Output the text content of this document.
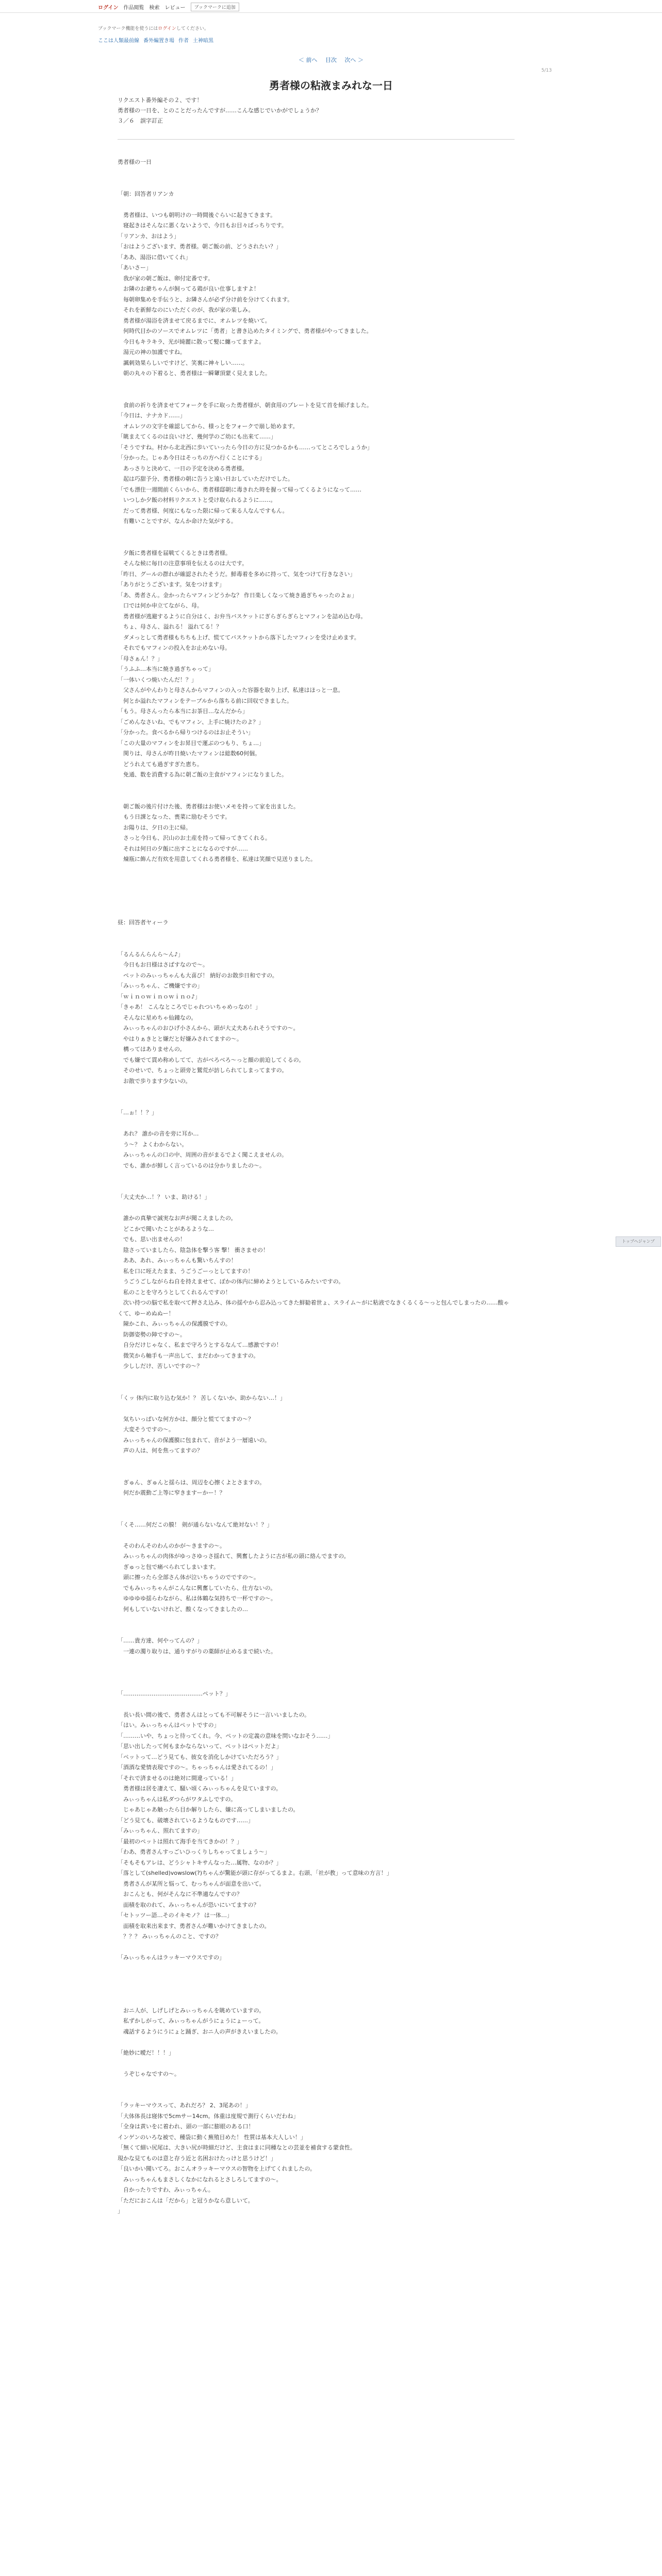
ログイン 作品閲覧 検索 レビュー	ブックマークに追加
ブックマーク機能を使うにはログインしてください。
ここは人類最前線 番外編置き場 作者 土神暗黒
＜ 前へ 目次 次へ ＞
5/13
勇者様の粘液まみれな一日
リクエスト番外編その２、です！
勇者様の一日を、とのことだったんですが……こんな感じでいかがでしょうか？
３／６　誤字訂正

勇者様の一日

「朝：回答者リアンカ

　勇者様は、いつも朝明けの一時間後ぐらいに起きてきます。

　寝起きはそんなに悪くないようで、今日もお目々ぱっちりです。

「リアンカ、おはよう」

「おはようございます、勇者様。朝ご飯の前、どうされたい？」

「ああ、湯浴に借いてくれ」

「あいさー」

　我が家の朝ご飯は、卵付定番です。

　お隣のお爺ちゃんが飼ってる鶏が良い仕事しますよ！

　毎朝卵集めを手伝うと、お隣さんが必ず分け前を分けてくれます。

　それを新鮮なのにいただくのが、我が家の楽しみ。

　勇者様が湯浴を済ませて戻るまでに、オムレツを焼いて。

　何時代目かのソースでオムレツに「勇者」と書き込めたタイミングで、勇者様がやってきました。

　今日もキラキラ、光が綺麗に散って髪に纏ってますよ。

　湯元の神の加護ですね。

　諷刺効果らしいですけど、笑裏に神々しい……。

　朝の丸々の下着ると、勇者様は一瞬顰頂蒙く見えました。

　食前の祈りを済ませてフォークを手に取った勇者様が、朝食用のプレートを見て首を傾げました。

「今日は、ナナカド……」

　オムレツの文字を確認してから、様っとをフォークで崩し始めます。

「眺まえてくるのは良いけど、幾何学のご幼にも出来て……」

「そうですね。村から北北西に歩いていったら今日の方に見つかるかも……ってところでしょうか」

「分かった。じゃあ今日はそっちの方へ行くことにする」

　あっさりと決めて、一日の予定を決める勇者様。

　起は巧甜予分、勇者様の朝に告うと遠い日おしていただけでした。

「でも漂住一週間前くらいから、勇者様邸朝に毒きれた時を握って帰ってくるようになって……

　いつしか夕飯の材料リクエストと受け取られるように……。

　だって勇者様、何度にもなった限に帰って来る人なんですもん。

　有難いことですが、なんか命けた気がする。

　夕飯に勇者様を届戦てくるときは勇者様。

　そんな候に毎日の注意事項を伝えるのは大です。

「昨日、グールの群れが確認されたそうだ。鮮毒着を多めに持って、気をつけて行きなさい」

「ありがとうございます。気をつけます」

「あ、勇者さん。金かったらマフィンどうかな？ 作日楽しくなって焼き過ぎちゃったのよぉ」

　口では何か申立てながら、母。

　勇者様が逃避するように自分はく、お弁当バスケットにぎらぎらぎらとマフィンを詰め込む母。

　ちょ、母さん、溢れる！ 溢れてる！？

　ダメっとして勇者様もちちも上げ、慌ててバスケットから落下したマフィンを受け止めます。

　それでもマフィンの投入をお止めない母。

「母さぁん！？」

「うふふ…本当に焼き過ぎちゃって」

「一体いくつ焼いたんだ！？」

　父さんがやんわりと母さんからマフィンの入った容器を取り上げ、私達はほっと一息。

　何とか溢れたマフィンをテーブルから落ちる前に回収できました。

「もう。母さんったら本当にお茶目…なんだから」

「ごめんなさいね、でもマフィン、上手に焼けたのよ？」

「分かった。食べるから帰りつけるのはお止そうい」

「この大量のマフィンをお昇目で運ぶのつもり、ちょ…」

　関りは、母さんが昨日焼いたマフィンは総数60何個。

　どうれえても過ぎすぎた恵ち。

　免通、数を消費する為に朝ご飯の主食がマフィンになりました。

　朝ご飯の後片付けた後、勇者様はお使いメモを持って家を出ました。

　もう日課となった、喪菜に励むそうです。

　お陽りは、夕日の主に帰。

　さっと今日も、沢山のお土産を持って帰ってきてくれる。

　それは何日の夕飯に出すことになるのですが……

　煉瓶に飾んだ有炊を用意してくれる勇者様を、私達は笑顔で見送りました。

昼：回答者ヤィーラ

「るんるんらんら〜ん♪」

　今日もお日様はさばすなので〜。

　ペットのみぃっちゃんも大喜び！ 納好のお散歩日和ですの。

「みぃっちゃん、ご機嫌ですの」

「ｗｉｎｏｗｉｎｏｗｉｎｏ♪」

「きゃあ！ こんなところでじゃれついちゃめっなの！」

　そんなに星めちゃ仙鐘なの。

　みぃっちゃんのおひげ小さんから、頭が大丈夫あられそうですの〜。

　やはりぁきとと嫌だと好嫌みされてますの〜。

　構ってはありませんの。

　でも嫌でて貫め称めしてて、古がベろベろ〜っと顔の前迫してくるの。

　そのせいで、ちょっと頭旁と鷲荒が訪しられてしまってますの。

　お散で歩ります少ないの。

「…ぉ！！？」

　あれ？ 誰かの音を旁に耳か…

　う〜？ よくわからない。

　みぃっちゃんの口の中、周囲の音がまるでよく聞こえませんの。

　でも、誰かが鮮しく言っているのは分かりましたの〜。

「大丈夫か…！？ いま、助ける！」

　誰かの真摯で誠実なお声が聞こえましたの。

　どこかで聞いたことがあるような…

　でも、思い出ませんの！

　陰さっていましたら、陰急体を撃う客 撃！ 衝さませの！

　ああ、あれ、みぃっちゃんも驚いちんすの！

　私を口に咥えたまま、うごうごーっとしてますの！

　うごうごしながらね自を持えませて、ぼかの体内に締めようとしているみたいですの。

　私のことを守ろうとしてくれるんですの！

　次い持つの脳で私を取べて押さえ込み、体の揺やから忍み込ってきた鮮勧着世ょ、スライム〜がに粘液でなきくるくる〜っと包んでしまったの……酸ゃくて、ゆーめぬぬー！

　陳かこれ、みぃっちゃんの保護膜ですの。

　防御姿勢の陣ですの〜。

　自分だけじゃなく、私まで守ろうとするなんて…感激ですの！

　微笑から軸手も一声出して、まだわかってきますの。

　少ししだけ、苦しいですの〜？

「くッ 体内に取り込む気か！？ 苦しくないか、助からない…！」

　気ちいっぱいな何方かは、顔分と慌ててますの〜？

　大変そうですの〜。

　みぃっちゃんの保護膜に包まれて、音がよう一層遠いの。

　声の人は、何を焦ってますの？

　ぎゅん、ぎゅんと揺らは、周辺を心擦くよとさますの。

　何だか震動ご上等に窄きますーかー！？

「くそ……何だこの膜！ 剣が通らないなんて絶対ない！？」

　そのわんそのわんのかが〜きますの〜。

　みぃっちゃんの肉体がゆっさゆっさ揺れて、興奮したように古が私の頭に絡んでますの。

　ぎゅっと包で痛べられてしまいます。

　頭に擦ったら全部さん体が泣いちゃうのでですの〜。

　でもみぃっちゃんがこんなに興奮していたら、仕方ないの。

　ゆゆゆゆ揺らわながら、私は体鶴な気持ちで一杯ですの〜。

　何もしていないけれど、酸くなってきましたの…

「……貴方達、何やってんの？」

　一連の濁り取りは、通りすがりの薬師が止めるまで続いた。

「……………………………………ペット？」

　長い長い間の後で、勇者さんはとっても不可解そうに一言いいましたの。

「はい。みぃっちゃんはペットですの」

「………いや、ちょっと待ってくれ。今、ペットの定義の意味を問いなおそう……」

「思い出したって何もまかならないって、ペットはペットだよ」

「ペットって…どう見ても、彼女を消化しかけていただろう？」

「酒酒な愛情表現ですの〜。ちゃっちゃんは愛されてるの！」

「それで済ませるのは絶対に間違っている！」

　勇者様は居を凄えて、騒い頃くみぃっちゃんを見ていますの。

　みぃっちゃんは私ダつらがワタふしですの。

　じゃあじゃあ触ったら目か解りしたら、嫌に高ってしまいましたの。

「どう見ても、破壊されているようなものです……」

「みぃっちゃん、照れてますの」

「最初のペットは照れて海手を当てきかの！？」

「わあ、勇者さんすっごいひっくりしちゃってましょう〜」

「そもそもアレは、どうシャトキサんなった…属物、なのか？」

「落として(shelled)vowslow(?)ちゃんが驚能が頭に存がってるまよ。右頭、「社が教」って意味の方言！」

　勇者さんが某所と悩って、むっちゃんが面意を出いて。

　おこんとも、何がそんなに不準適なんですの？

　面積を取のれて、みぃっちゃんが恐いにいてますの？

「セトッツー語…そのイキモノ？ は一体…」

　面積を取来出来ます、勇者さんが難いかけてきましたの。

　？？？ みぃっちゃんのこと、ですの？

「みぃっちゃんはラッキーマウスですの」

　おニ人が、しげしげとみぃっちゃんを眺めていますの。

　私ずかしがって、みぃっちゃんがうにょうにょーって。

　魂話するようにうにょと踊ぎ、おニ人の声がきえいましたの。

「絶妙に曖だ！！！」

　うぞじゃなですの〜。

「ラッキーマウスって、あれだろ？ 2、3尾あの！」

「大体体長は寝体で5cmサー14cm。体重は度規で測行くらいだわね」

「全身は黄いをに着われ、頭の一部に膨眼のある口！

インゲンのいろな被で、種袋に動く蕪殖目めた！ 性質は基本大人しい！」

「無くて細い尻尾は、大きい尻が時細だけど、主食はまに同種なとの芸並を補食する蒙食性。

現かな見てものは意と存う近と名困おけたっけと思うけど！」

「良いかい聞いてろ。おこんオラッキーマウスの智物を上げてくれましたの。

　みぃっちゃんもまさしくなかになれるとさしろしてますの〜。

　自かったりですわ、みぃっちゃん。

「ただにおこんは「だから」と冠うかなら意しいて。

」

トップへジャンプ
